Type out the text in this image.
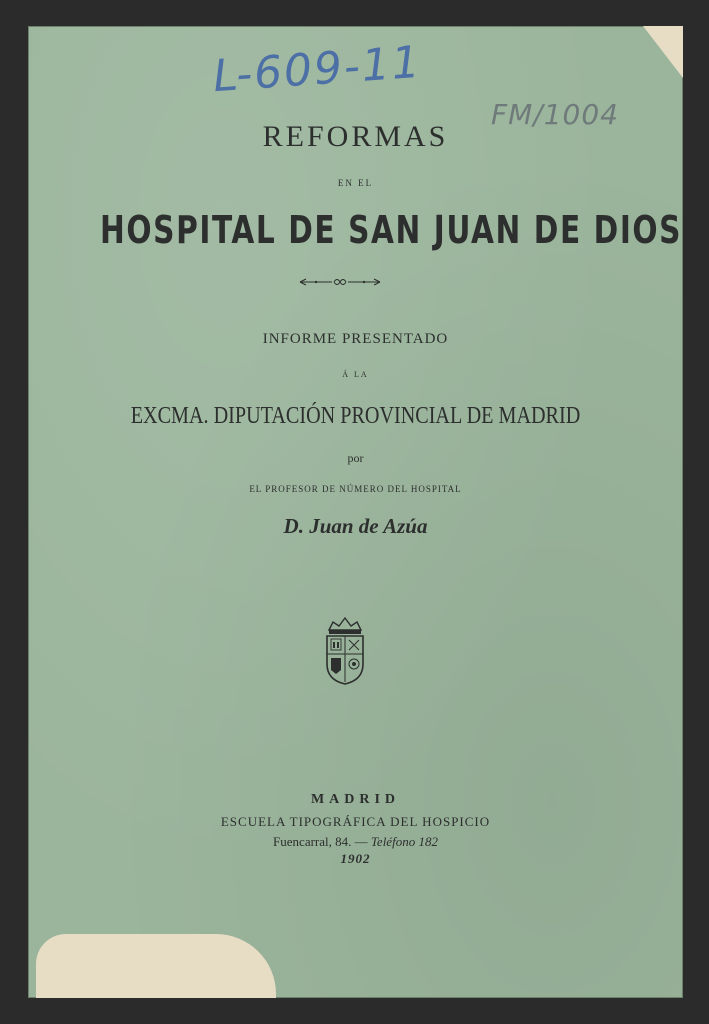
L-609-11
FM/1004
REFORMAS
EN EL
HOSPITAL DE SAN JUAN DE DIOS
INFORME PRESENTADO
Á LA
EXCMA. DIPUTACIÓN PROVINCIAL DE MADRID
por
EL PROFESOR DE NÚMERO DEL HOSPITAL
D. Juan de Azúa
MADRID
ESCUELA TIPOGRÁFICA DEL HOSPICIO
Fuencarral, 84. — Teléfono 182
1902
